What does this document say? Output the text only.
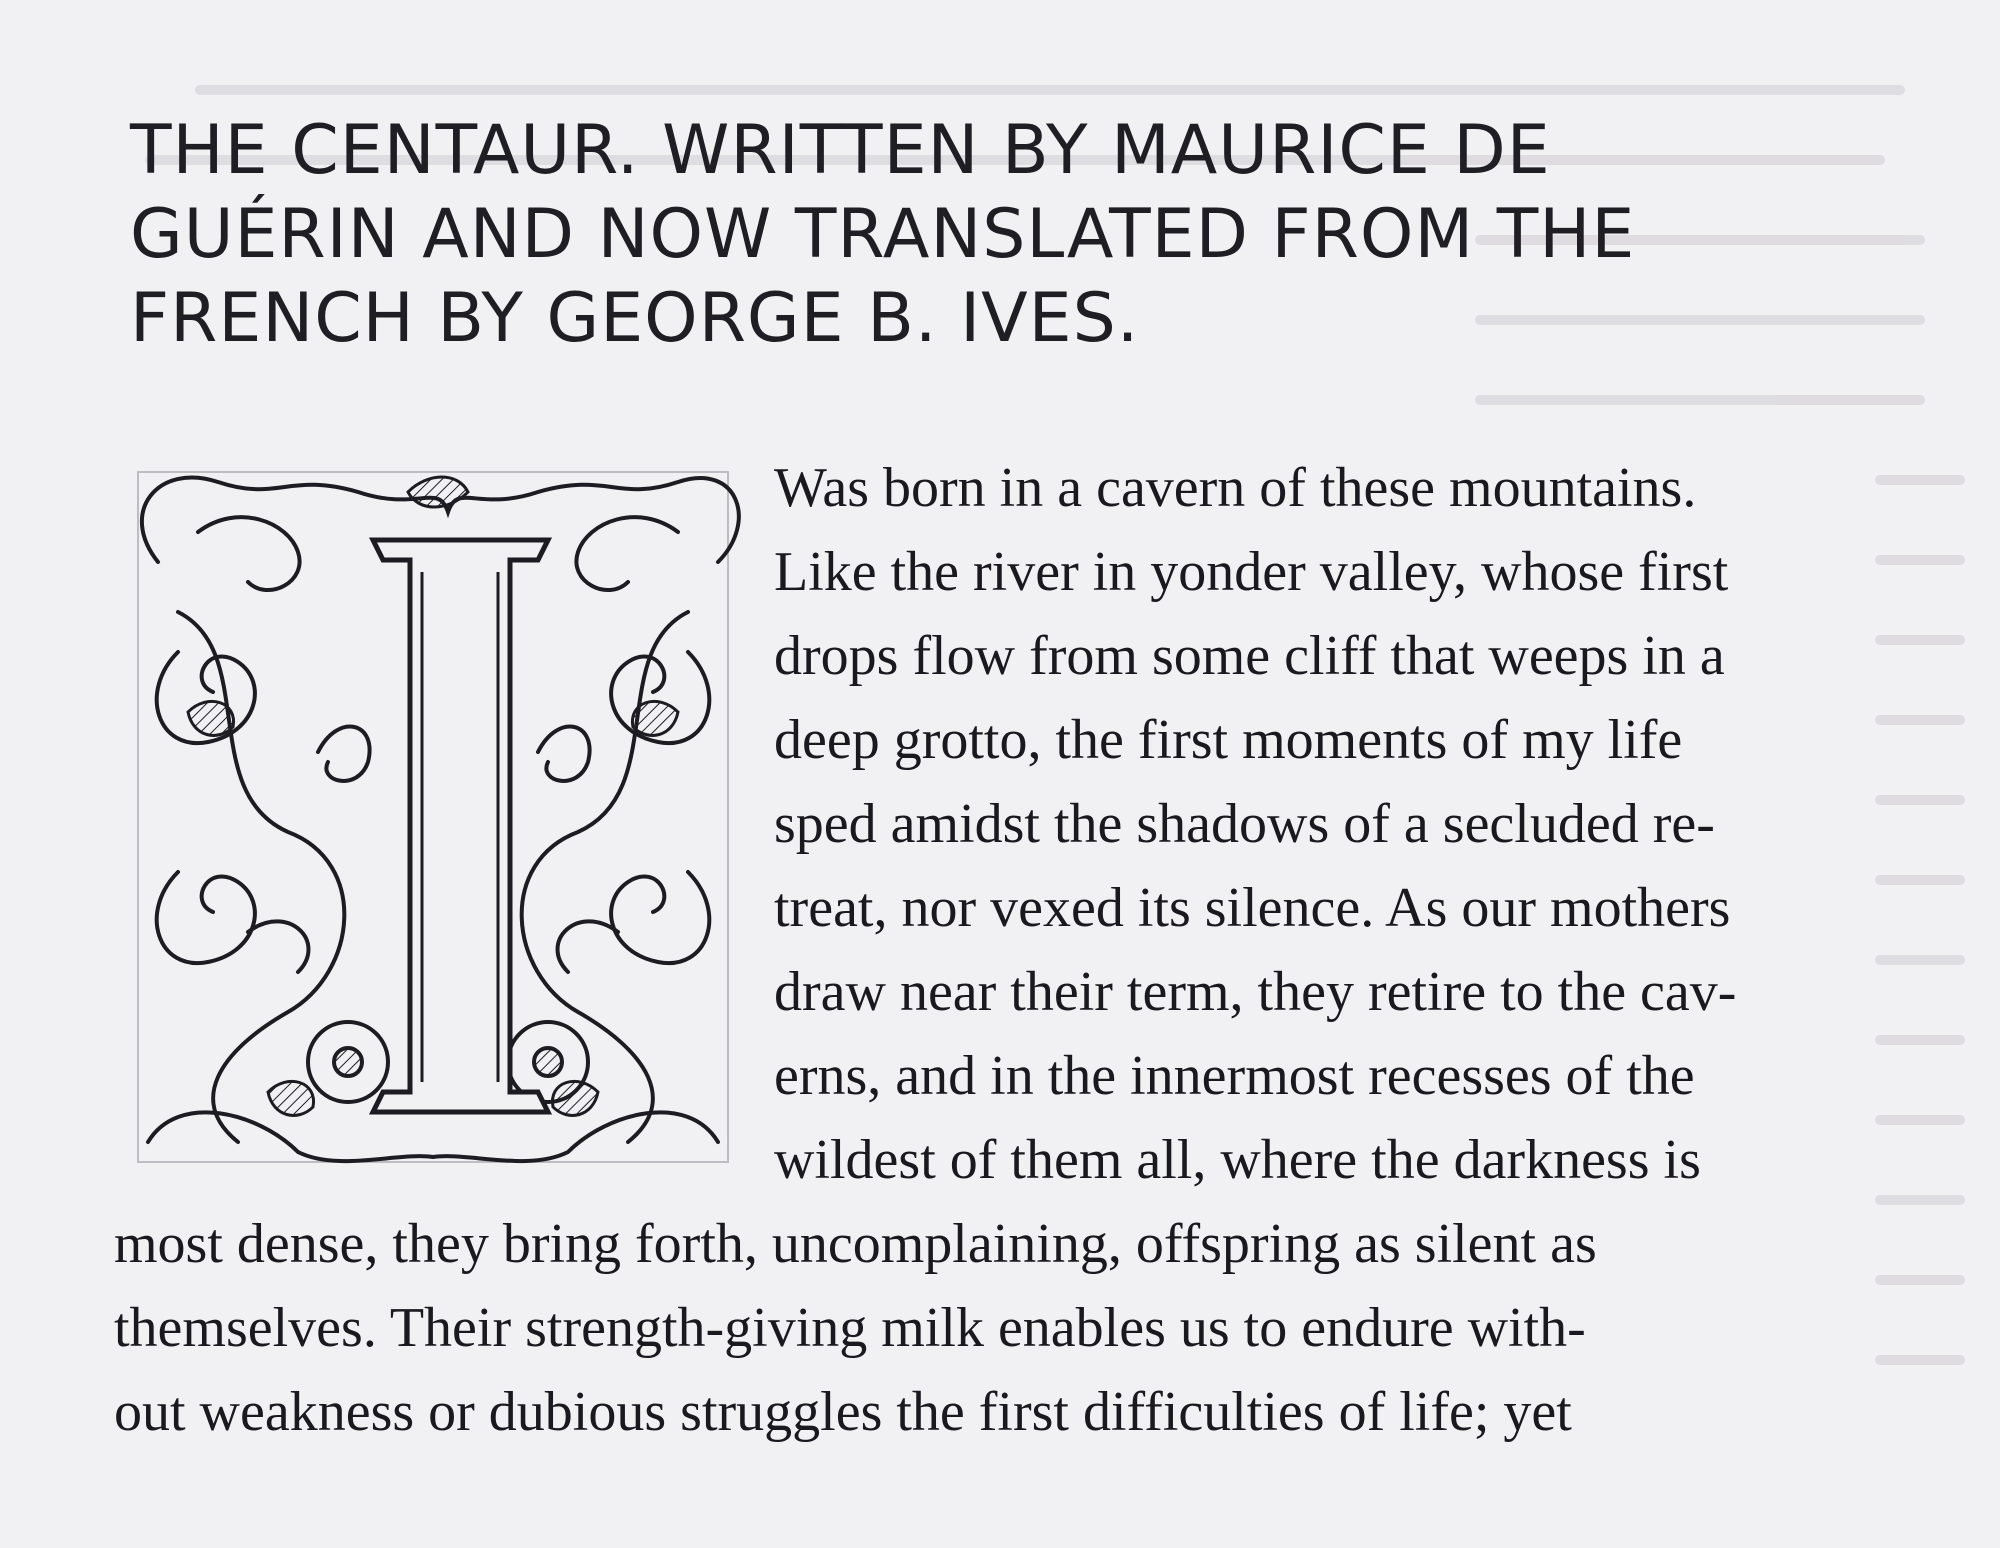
THE CENTAUR. WRITTEN BY MAURICE DE
GUÉRIN AND NOW TRANSLATED FROM THE
FRENCH BY GEORGE B. IVES.
Was born in a cavern of these mountains.
Like the river in yonder valley, whose first
drops flow from some cliff that weeps in a
deep grotto, the first moments of my life
sped amidst the shadows of a secluded re-
treat, nor vexed its silence. As our mothers
draw near their term, they retire to the cav-
erns, and in the innermost recesses of the
wildest of them all, where the darkness is
most dense, they bring forth, uncomplaining, offspring as silent as
themselves. Their strength-giving milk enables us to endure with-
out weakness or dubious struggles the first difficulties of life; yet
